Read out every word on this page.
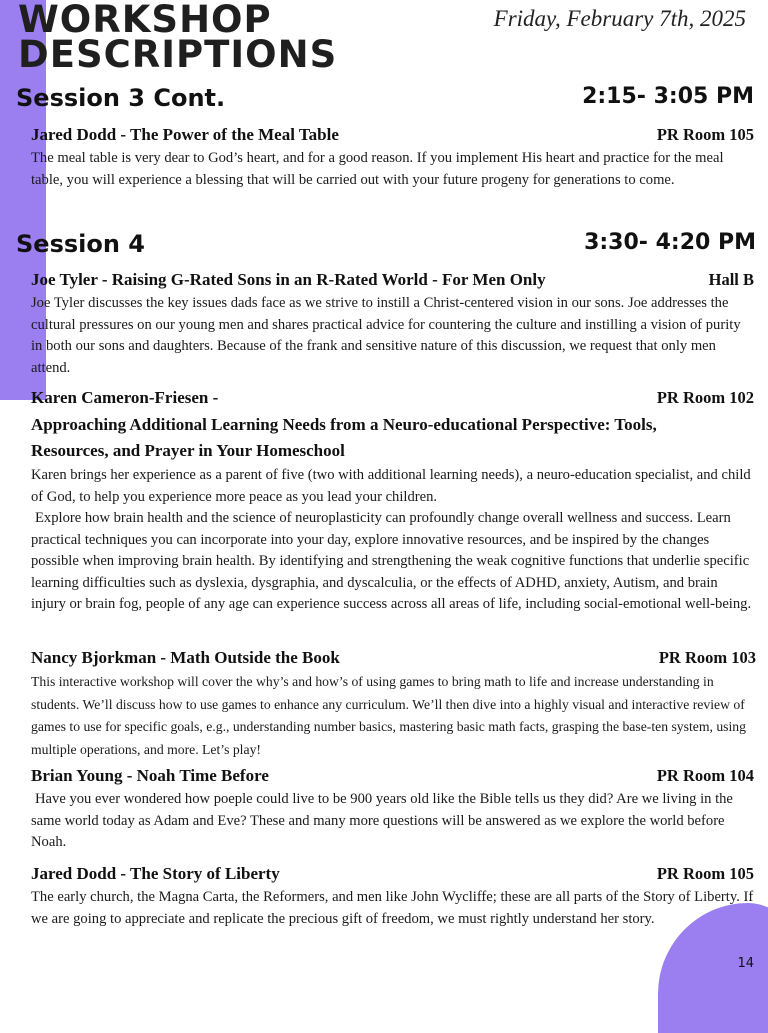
WORKSHOP
DESCRIPTIONS
Friday, February 7th, 2025
Session 3 Cont.	2:15- 3:05 PM
Jared Dodd - The Power of the Meal Table	PR Room 105

The meal table is very dear to God’s heart, and for a good reason. If you implement His heart and practice for the meal table, you will experience a blessing that will be carried out with your future progeny for generations to come.

Session 4	3:30- 4:20 PM
Joe Tyler - Raising G-Rated Sons in an R-Rated World - For Men Only	Hall B

Joe Tyler discusses the key issues dads face as we strive to instill a Christ-centered vision in our sons. Joe addresses the cultural pressures on our young men and shares practical advice for countering the culture and instilling a vision of purity in both our sons and daughters. Because of the frank and sensitive nature of this discussion, we request that only men attend.

Karen Cameron-Friesen -	PR Room 102
Approaching Additional Learning Needs from a Neuro-educational Perspective: Tools, Resources, and Prayer in Your Homeschool

Karen brings her experience as a parent of five (two with additional learning needs), a neuro-education specialist, and child of God, to help you experience more peace as you lead your children.

Explore how brain health and the science of neuroplasticity can profoundly change overall wellness and success. Learn practical techniques you can incorporate into your day, explore innovative resources, and be inspired by the changes possible when improving brain health. By identifying and strengthening the weak cognitive functions that underlie specific learning difficulties such as dyslexia, dysgraphia, and dyscalculia, or the effects of ADHD, anxiety, Autism, and brain injury or brain fog, people of any age can experience success across all areas of life, including social-emotional well-being.

Nancy Bjorkman - Math Outside the Book	PR Room 103

This interactive workshop will cover the why’s and how’s of using games to bring math to life and increase understanding in students. We’ll discuss how to use games to enhance any curriculum. We’ll then dive into a highly visual and interactive review of games to use for specific goals, e.g., understanding number basics, mastering basic math facts, grasping the base-ten system, using multiple operations, and more. Let’s play!

Brian Young - Noah Time Before	PR Room 104

Have you ever wondered how poeple could live to be 900 years old like the Bible tells us they did? Are we living in the same world today as Adam and Eve? These and many more questions will be answered as we explore the world before Noah.

Jared Dodd - The Story of Liberty	PR Room 105

The early church, the Magna Carta, the Reformers, and men like John Wycliffe; these are all parts of the Story of Liberty. If we are going to appreciate and replicate the precious gift of freedom, we must rightly understand her story.

14
